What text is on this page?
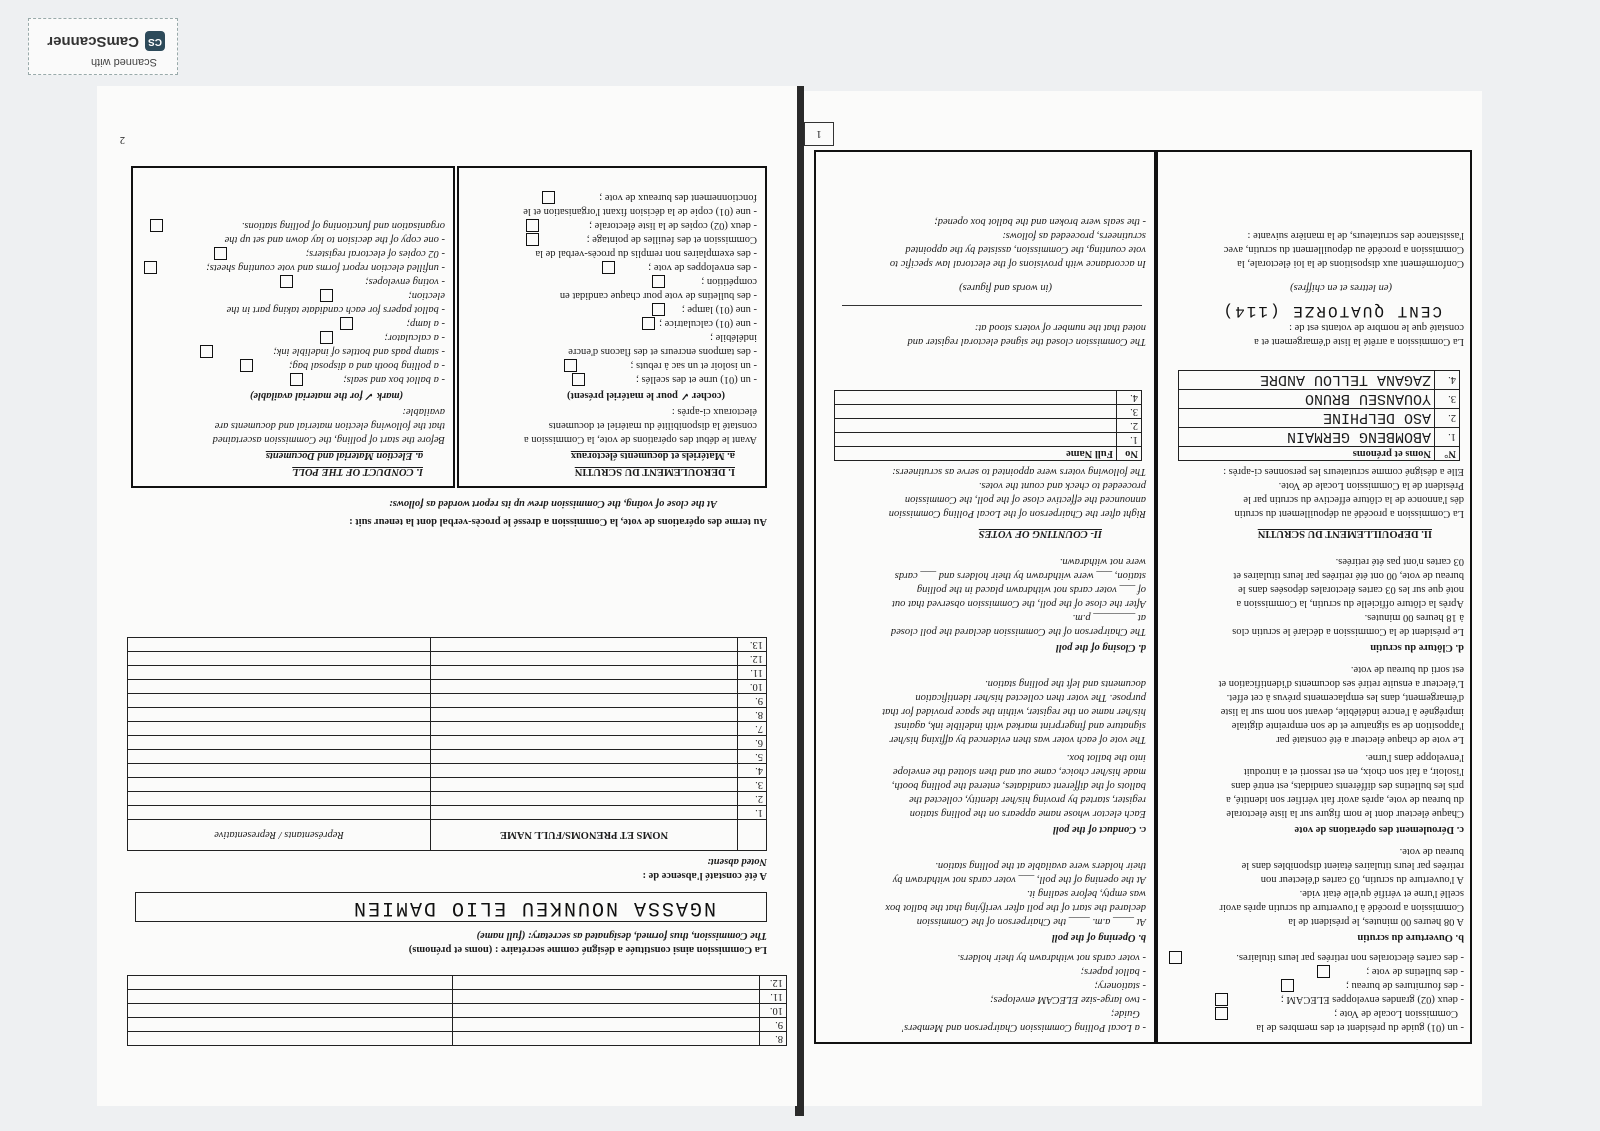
- un (01) guide du président et des membres de la
Commission Locale de Vote ;
- deux (02) grandes enveloppes ELECAM ;
- des fournitures de bureau ;
- des bulletins de vote ;
- des cartes électorales non retirées par leurs titulaires.
b. Ouverture du scrutin
A 08 heures 00 minutes, le président de la
Commission a procédé à l'ouverture du scrutin après avoir
scellé l'urne et vérifié qu'elle était vide.
A l'ouverture du scrutin, 03 cartes d'électeur non
retirées par leurs titulaires étaient disponibles dans le
bureau de vote.
c. Déroulement des opérations de vote
Chaque électeur dont le nom figure sur la liste électorale
du bureau de vote, après avoir fait vérifier son identité, a
pris les bulletins des différents candidats, est entré dans
l'isoloir, a fait son choix, en est ressorti et a introduit
l'enveloppe dans l'urne.
Le vote de chaque électeur a été constaté par
l'apposition de sa signature et de son empreinte digitale
imprégnée à l'encre indélébile, devant son nom sur la liste
d'émargement, dans les emplacements prévus à cet effet.
L'électeur a ensuite retiré ses documents d'identification et
est sorti du bureau de vote.
d. Clôture du scrutin
Le président de la Commission a déclaré le scrutin clos
à 18 heures 00 minutes.
Après la clôture officielle du scrutin, la Commission a
noté que sur les 03 cartes électorales déposées dans le
bureau de vote, 00 ont été retirées par leurs titulaires et
03 cartes n'ont pas été retirées.
II. DEPOUILLEMENT DU SCRUTIN
La Commission a procédé au dépouillement du scrutin
dès l'annonce de la clôture effective du scrutin par le
Président de la Commission Locale de Vote.
Elle a désigné comme scrutateurs les personnes ci-après :
N°	Noms et prénoms
1.	ABOMBENG GERMAIN
2.	ASO DELPHINE
3.	YOUANSEU BRUNO
4.	ZAGANA TELLOU ANDRE
La Commission a arrêté la liste d'émargement et a
constaté que le nombre de votants est de :
CENT QUATORZE (114)
(en lettres et en chiffres)
Conformément aux dispositions de la loi électorale, la
Commission a procédé au dépouillement du scrutin, avec
l'assistance des scrutateurs, de la manière suivante :
- a Local Polling Commission Chairperson and Members'
Guide;
- two large-size ELECAM envelopes;
- stationery;
- ballot papers;
- voter cards not withdrawn by their holders.
b. Opening of the poll
At ____ a.m. ____ the Chairperson of the Commission
declared the start of the poll after verifying that the ballot box
was empty, before sealing it.
At the opening of the poll, ___ voter cards not withdrawn by
their holders were available at the polling station.
c. Conduct of the poll
Each elector whose name appears on the polling station
register, started by proving his/her identity, collected the
ballots of the different candidates, entered the polling booth,
made his/her choice, came out and then slotted the envelope
into the ballot box.
The vote of each voter was then evidenced by affixing his/her
signature and fingerprint marked with indelible ink, against
his/her name on the register, within the space provided for that
purpose. The voter then collected his/her identification
documents and left the polling station.
d. Closing of the poll
The Chairperson of the Commission declared the poll closed
at ________ p.m.
After the close of the poll, the Commission observed that out
of ___ voter cards not withdrawn placed in the polling
station, ___ were withdrawn by their holders and ___ cards
were not withdrawn.
II- COUNTING OF VOTES
Right after the Chairperson of the Local Polling Commission
announced the effective close of the poll, the Commission
proceeded to check and count the votes.
The following voters were appointed to serve as scrutineers:
No	Full Name
1.	
2.	
3.	
4.	
The Commission closed the signed electoral register and
noted that the number of voters stood at:
(in words and figures)
In accordance with provisions of the electoral law specific to
vote counting, the Commission, assisted by the appointed
scrutineers, proceeded as follows:
- the seals were broken and the ballot box opened;
1
8.		
9.		
10.		
11.		
12.		
La Commission ainsi constituée a désigné comme secrétaire : (noms et prénoms)
The Commission, thus formed, designated as secretary: (full name)
NGASSA NOUNKEU ELIO DAMIEN
A été constaté l'absence de :
Noted absent:
	NOMS ET PRENOMS/FULL NAME	Représentants / Representative
1.		
2.		
3.		
4.		
5.		
6.		
7.		
8.		
9.		
10.		
11.		
12.		
13.		
Au terme des opérations de vote, la Commission a dressé le procès-verbal dont la teneur suit :
At the close of voting, the Commission drew up its report worded as follows:
I. DEROULEMENT DU SCRUTIN
a. Matériels et documents électoraux
Avant le début des opérations de vote, la Commission a
constaté la disponibilité du matériel et documents
électoraux ci-après :
(cocher ✓ pour le matériel présent)
- un (01) urne et des scellés ;
- un isoloir et un sac à rebuts ;
- des tampons encreurs et des flacons d'encre
indélébile ;
- une (01) calculatrice ;
- une (01) lampe ;
- des bulletins de vote pour chaque candidat en
compétition ;
- des enveloppes de vote ;
- des exemplaires non remplis du procès-verbal de la
Commission et des feuilles de pointage ;
- deux (02) copies de la liste électorale ;
- une (01) copie de la décision fixant l'organisation et le
fonctionnement des bureaux de vote ;
I. CONDUCT OF THE POLL
a. Election Material and Documents
Before the start of polling, the Commission ascertained
that the following election material and documents are
available:
(mark ✓ for the material available)
- a ballot box and seals;
- a polling booth and a disposal bag;
- stamp pads and bottles of indelible ink;
- a calculator;
- a lamp;
- ballot papers for each candidate taking part in the
election;
- voting envelopes;
- unfilled election report forms and vote counting sheets;
- 02 copies of electoral registers;
- one copy of the decision to lay down and set up the
organisation and functioning of polling stations.
2
Scanned with
CS
CamScanner
